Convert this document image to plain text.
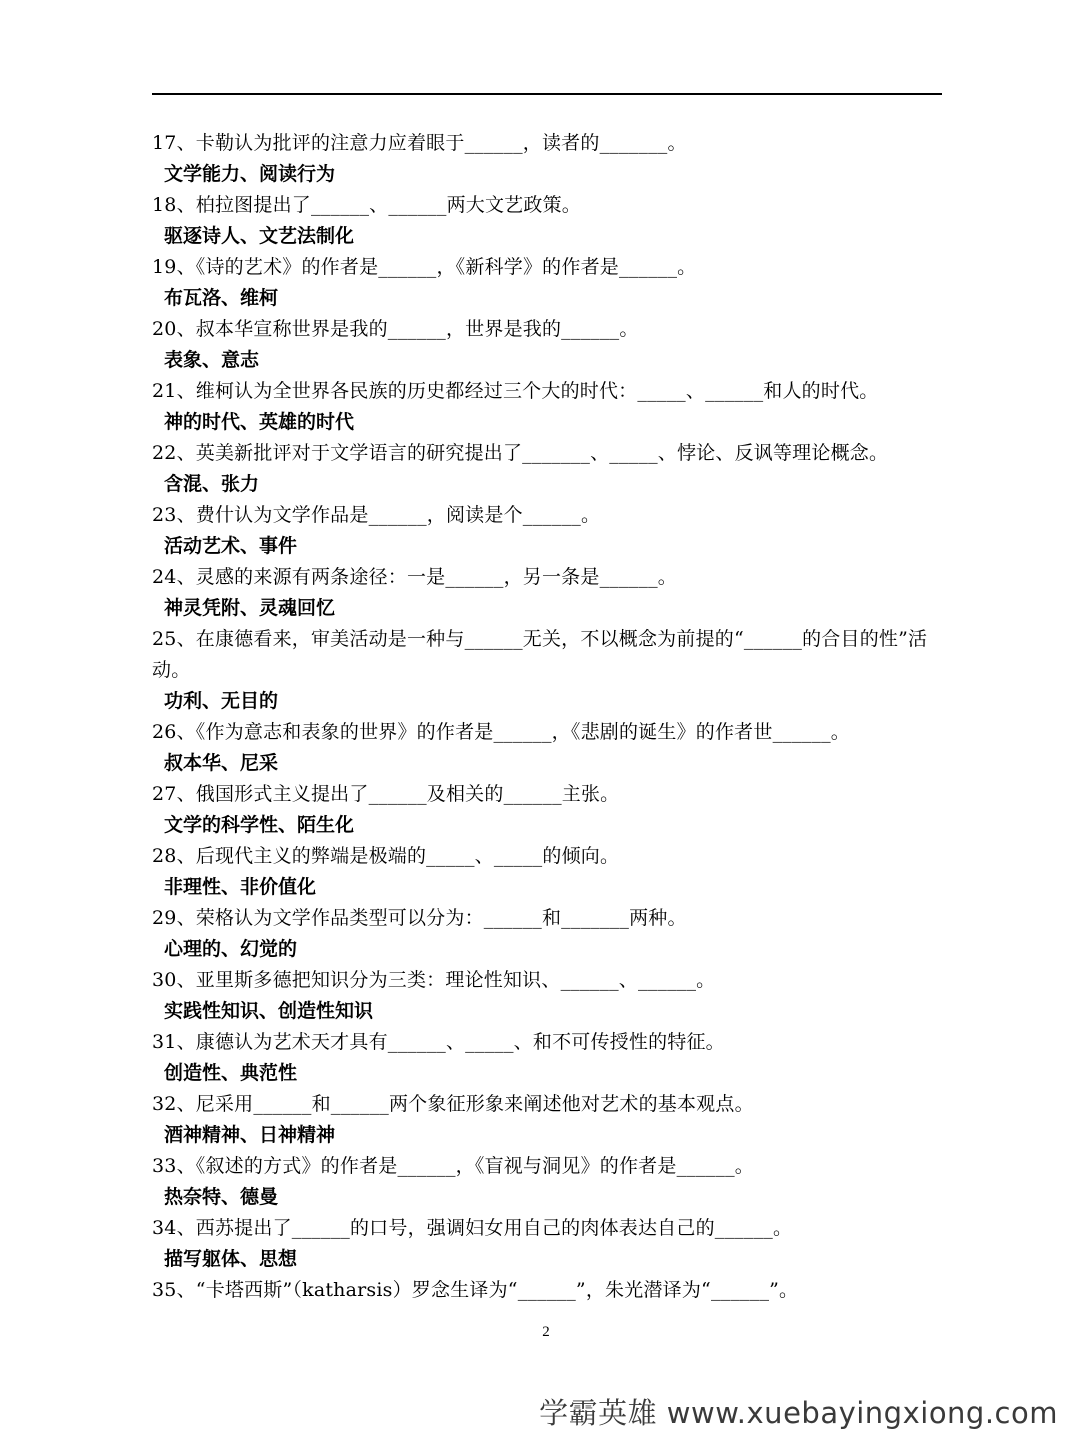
17、卡勒认为批评的注意力应着眼于______，读者的_______。
文学能力、阅读行为
18、柏拉图提出了______、______两大文艺政策。
驱逐诗人、文艺法制化
19、《诗的艺术》的作者是______，《新科学》的作者是______。
布瓦洛、维柯
20、叔本华宣称世界是我的______，世界是我的______。
表象、意志
21、维柯认为全世界各民族的历史都经过三个大的时代：_____、______和人的时代。
神的时代、英雄的时代
22、英美新批评对于文学语言的研究提出了_______、_____、悖论、反讽等理论概念。
含混、张力
23、费什认为文学作品是______，阅读是个______。
活动艺术、事件
24、灵感的来源有两条途径：一是______，另一条是______。
神灵凭附、灵魂回忆
25、在康德看来，审美活动是一种与______无关，不以概念为前提的“______的合目的性”活动。
功利、无目的
26、《作为意志和表象的世界》的作者是______，《悲剧的诞生》的作者世______。
叔本华、尼采
27、俄国形式主义提出了______及相关的______主张。
文学的科学性、陌生化
28、后现代主义的弊端是极端的_____、_____的倾向。
非理性、非价值化
29、荣格认为文学作品类型可以分为：______和_______两种。
心理的、幻觉的
30、亚里斯多德把知识分为三类：理论性知识、______、______。
实践性知识、创造性知识
31、康德认为艺术天才具有______、_____、和不可传授性的特征。
创造性、典范性
32、尼采用______和______两个象征形象来阐述他对艺术的基本观点。
酒神精神、日神精神
33、《叙述的方式》的作者是______，《盲视与洞见》的作者是______。
热奈特、德曼
34、西苏提出了______的口号，强调妇女用自己的肉体表达自己的______。
描写躯体、思想
35、“卡塔西斯”（katharsis）罗念生译为“______”，朱光潜译为“______”。
2
学霸英雄 www.xuebayingxiong.com
